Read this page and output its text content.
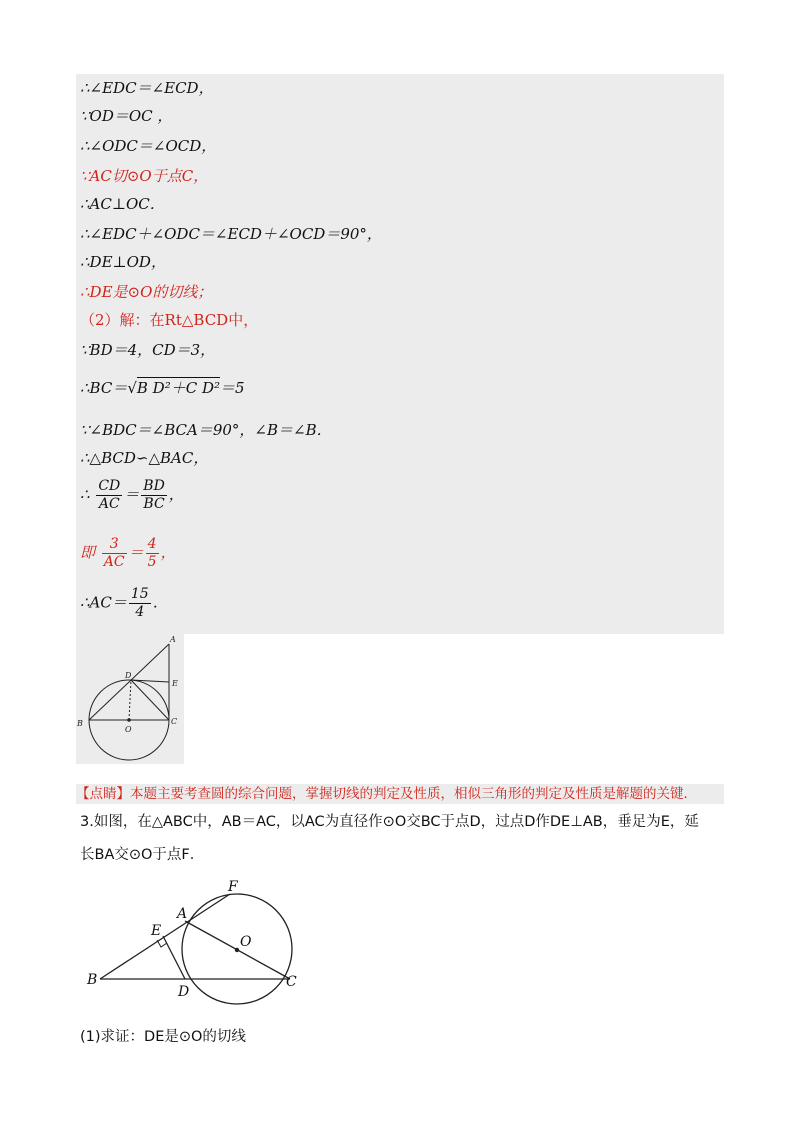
∴∠EDC＝∠ECD，
∵OD＝OC ，
∴∠ODC＝∠OCD，
∵AC切⊙O于点C，
∴AC⊥OC．
∴∠EDC＋∠ODC＝∠ECD＋∠OCD＝90°，
∴DE⊥OD，
∴DE是⊙O的切线；
（2）解：在Rt△BCD中，
∵BD＝4，CD＝3，
∴BC＝√B D²＋C D²＝5
∵∠BDC＝∠BCA＝90°，∠B＝∠B．
∴△BCD∽△BAC，
∴ $\frac{CD}{AC} = \frac{BD}{BC}$ ，
即 $\frac{3}{AC} = \frac{4}{5}$ ，
∴AC＝ $\frac{15}{4}$ ．
A
B	C
D
E
O
【点睛】本题主要考查圆的综合问题，掌握切线的判定及性质，相似三角形的判定及性质是解题的关键．
3.如图，在△ABC中，AB＝AC，以AC为直径作⊙O交BC于点D，过点D作DE⊥AB，垂足为E，延
长BA交⊙O于点F．
F
A
E
O
B
D
C
(1)求证：DE是⊙O的切线
